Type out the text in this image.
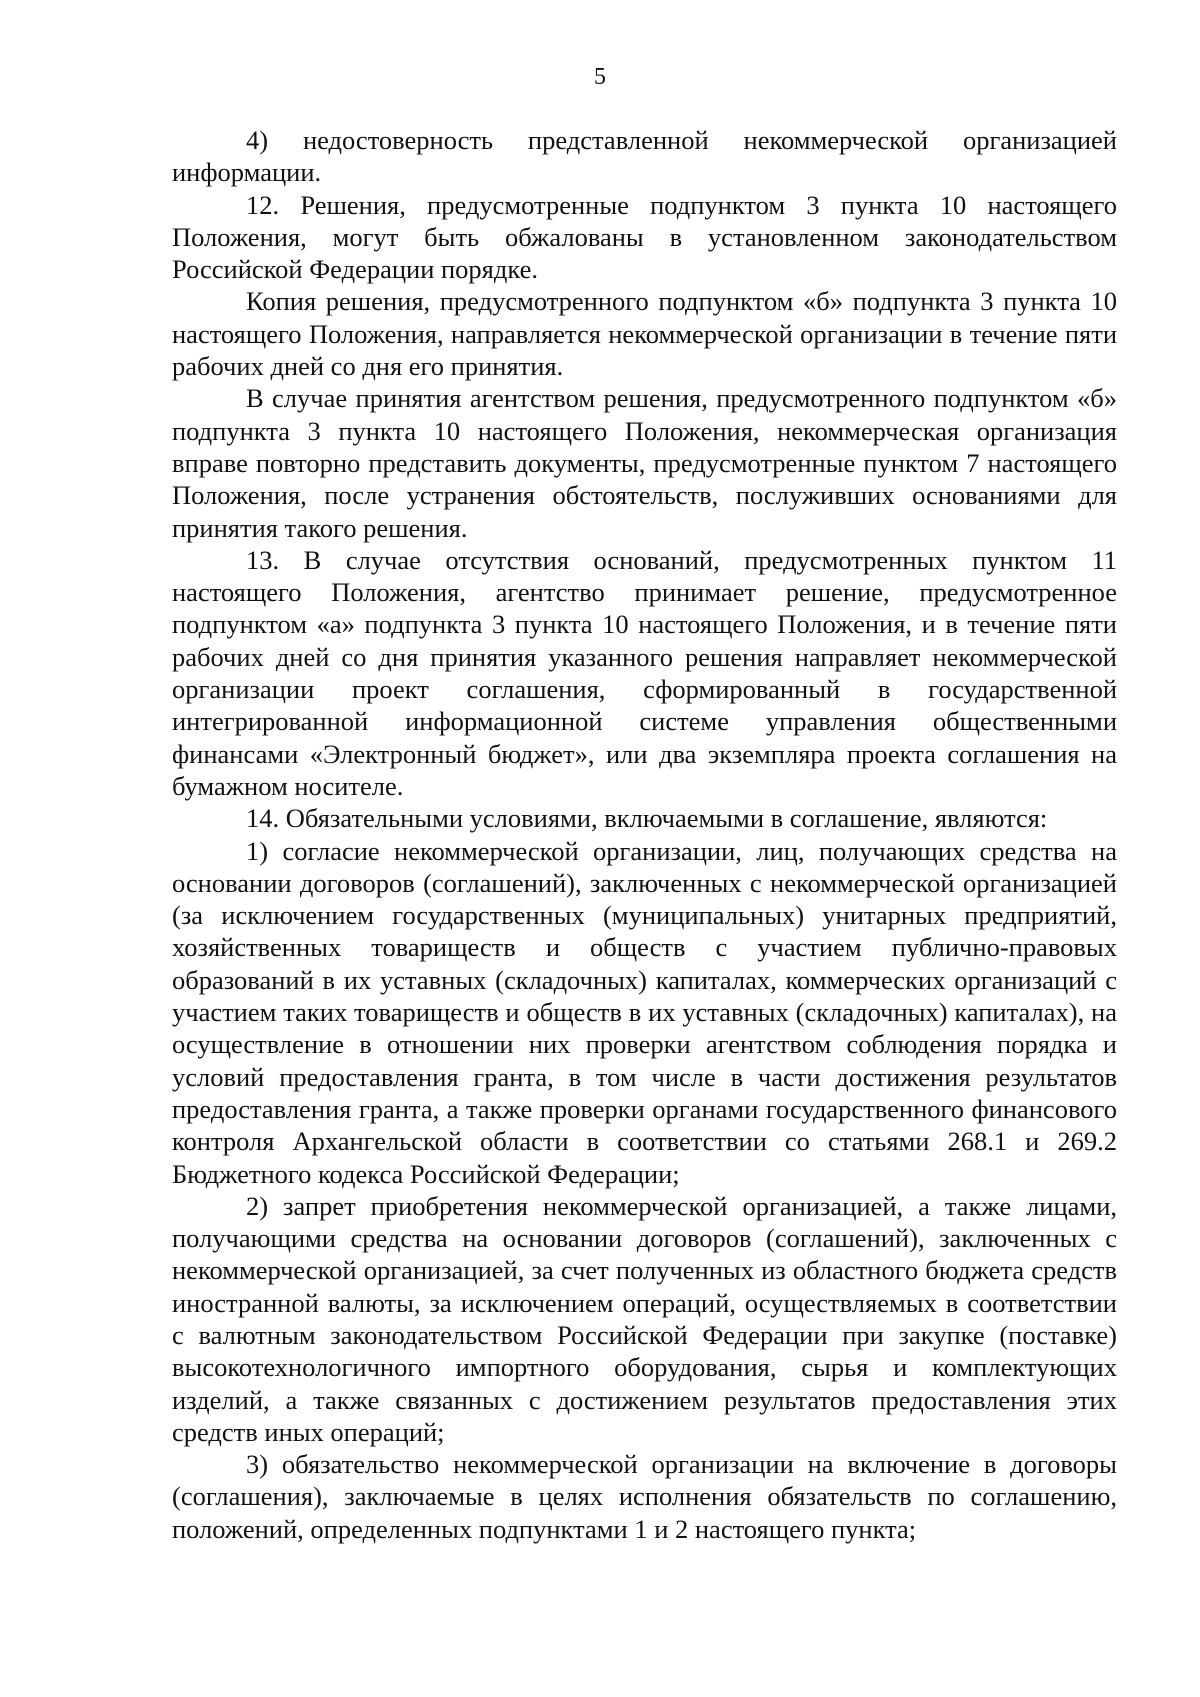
5

4) недостоверность представленной некоммерческой организацией информации.

12. Решения, предусмотренные подпунктом 3 пункта 10 настоящего Положения, могут быть обжалованы в установленном законодательством Российской Федерации порядке.

Копия решения, предусмотренного подпунктом «б» подпункта 3 пункта 10 настоящего Положения, направляется некоммерческой организации в течение пяти рабочих дней со дня его принятия.

В случае принятия агентством решения, предусмотренного подпунктом «б» подпункта 3 пункта 10 настоящего Положения, некоммерческая организация вправе повторно представить документы, предусмотренные пунктом 7 настоящего Положения, после устранения обстоятельств, послуживших основаниями для принятия такого решения.

13. В случае отсутствия оснований, предусмотренных пунктом 11 настоящего Положения, агентство принимает решение, предусмотренное подпунктом «а» подпункта 3 пункта 10 настоящего Положения, и в течение пяти рабочих дней со дня принятия указанного решения направляет некоммерческой организации проект соглашения, сформированный в государственной интегрированной информационной системе управления общественными финансами «Электронный бюджет», или два экземпляра проекта соглашения на бумажном носителе.

14. Обязательными условиями, включаемыми в соглашение, являются:

1) согласие некоммерческой организации, лиц, получающих средства на основании договоров (соглашений), заключенных с некоммерческой организацией (за исключением государственных (муниципальных) унитарных предприятий, хозяйственных товариществ и обществ с участием публично-правовых образований в их уставных (складочных) капиталах, коммерческих организаций с участием таких товариществ и обществ в их уставных (складочных) капиталах), на осуществление в отношении них проверки агентством соблюдения порядка и условий предоставления гранта, в том числе в части достижения результатов предоставления гранта, а также проверки органами государственного финансового контроля Архангельской области в соответствии со статьями 268.1 и 269.2 Бюджетного кодекса Российской Федерации;

2) запрет приобретения некоммерческой организацией, а также лицами, получающими средства на основании договоров (соглашений), заключенных с некоммерческой организацией, за счет полученных из областного бюджета средств иностранной валюты, за исключением операций, осуществляемых в соответствии с валютным законодательством Российской Федерации при закупке (поставке) высокотехнологичного импортного оборудования, сырья и комплектующих изделий, а также связанных с достижением результатов предоставления этих средств иных операций;

3) обязательство некоммерческой организации на включение в договоры (соглашения), заключаемые в целях исполнения обязательств по соглашению, положений, определенных подпунктами 1 и 2 настоящего пункта;
